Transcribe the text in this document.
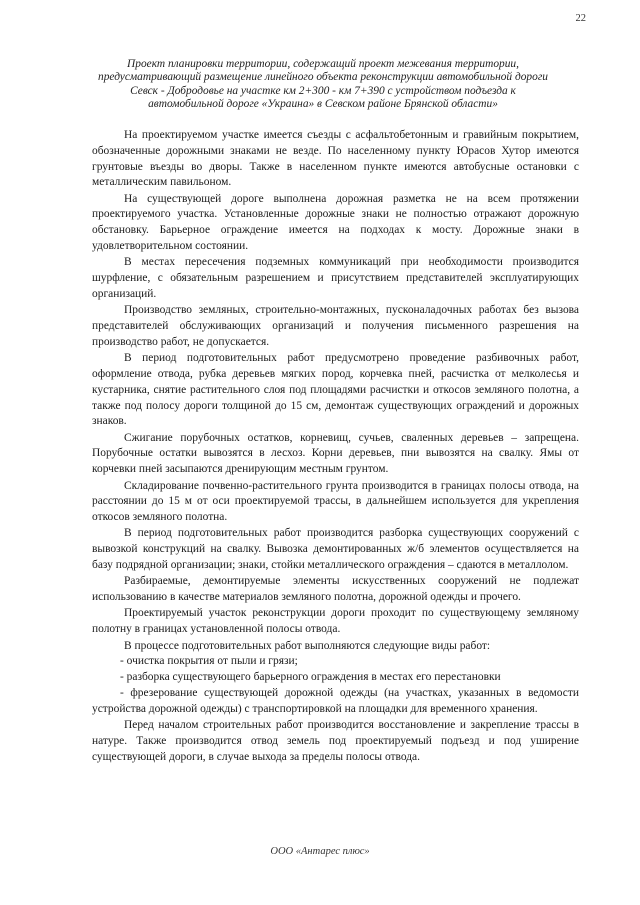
22
Проект планировки территории, содержащий проект межевания территории, предусматривающий размещение линейного объекта реконструкции автомобильной дороги Севск - Добродовье на участке км 2+300 - км 7+390 с устройством подъезда к автомобильной дороге «Украина» в Севском районе Брянской области»

На проектируемом участке имеется съезды с асфальтобетонным и гравийным покрытием, обозначенные дорожными знаками не везде. По населенному пункту Юрасов Хутор имеются грунтовые въезды во дворы. Также в населенном пункте имеются автобусные остановки с металлическим павильоном.

На существующей дороге выполнена дорожная разметка не на всем протяжении проектируемого участка. Установленные дорожные знаки не полностью отражают дорожную обстановку. Барьерное ограждение имеется на подходах к мосту. Дорожные знаки в удовлетворительном состоянии.

В местах пересечения подземных коммуникаций при необходимости производится шурфление, с обязательным разрешением и присутствием представителей эксплуатирующих организаций.

Производство земляных, строительно-монтажных, пусконаладочных работах без вызова представителей обслуживающих организаций и получения письменного разрешения на производство работ, не допускается.

В период подготовительных работ предусмотрено проведение разбивочных работ, оформление отвода, рубка деревьев мягких пород, корчевка пней, расчистка от мелколесья и кустарника, снятие растительного слоя под площадями расчистки и откосов земляного полотна, а также под полосу дороги толщиной до 15 см, демонтаж существующих ограждений и дорожных знаков.

Сжигание порубочных остатков, корневищ, сучьев, сваленных деревьев – запрещена. Порубочные остатки вывозятся в лесхоз. Корни деревьев, пни вывозятся на свалку. Ямы от корчевки пней засыпаются дренирующим местным грунтом.

Складирование почвенно-растительного грунта производится в границах полосы отвода, на расстоянии до 15 м от оси проектируемой трассы, в дальнейшем используется для укрепления откосов земляного полотна.

В период подготовительных работ производится разборка существующих сооружений с вывозкой конструкций на свалку. Вывозка демонтированных ж/б элементов осуществляется на базу подрядной организации; знаки, стойки металлического ограждения – сдаются в металлолом.

Разбираемые, демонтируемые элементы искусственных сооружений не подлежат использованию в качестве материалов земляного полотна, дорожной одежды и прочего.

Проектируемый участок реконструкции дороги проходит по существующему земляному полотну в границах установленной полосы отвода.

В процессе подготовительных работ выполняются следующие виды работ:

- очистка покрытия от пыли и грязи;

- разборка существующего барьерного ограждения в местах его перестановки

- фрезерование существующей дорожной одежды (на участках, указанных в ведомости устройства дорожной одежды) с транспортировкой на площадки для временного хранения.

Перед началом строительных работ производится восстановление и закрепление трассы в натуре. Также производится отвод земель под проектируемый подъезд и под уширение существующей дороги, в случае выхода за пределы полосы отвода.

ООО «Антарес плюс»
